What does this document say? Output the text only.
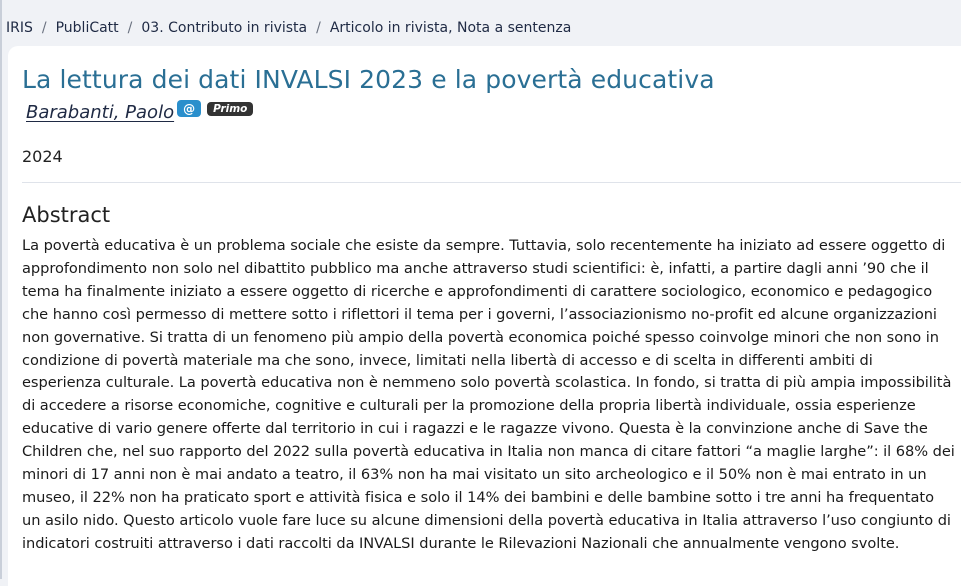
IRIS / PubliCatt / 03. Contributo in rivista / Articolo in rivista, Nota a sentenza
La lettura dei dati INVALSI 2023 e la povertà educativa
Barabanti, Paolo @	Primo
2024
Abstract

La povertà educativa è un problema sociale che esiste da sempre. Tuttavia, solo recentemente ha iniziato ad essere oggetto di approfondimento non solo nel dibattito pubblico ma anche attraverso studi scientifici: è, infatti, a partire dagli anni ’90 che il tema ha finalmente iniziato a essere oggetto di ricerche e approfondimenti di carattere sociologico, economico e pedagogico che hanno così permesso di mettere sotto i riflettori il tema per i governi, l’associazionismo no-profit ed alcune organizzazioni non governative. Si tratta di un fenomeno più ampio della povertà economica poiché spesso coinvolge minori che non sono in condizione di povertà materiale ma che sono, invece, limitati nella libertà di accesso e di scelta in differenti ambiti di esperienza culturale. La povertà educativa non è nemmeno solo povertà scolastica. In fondo, si tratta di più ampia impossibilità di accedere a risorse economiche, cognitive e culturali per la promozione della propria libertà individuale, ossia esperienze educative di vario genere offerte dal territorio in cui i ragazzi e le ragazze vivono. Questa è la convinzione anche di Save the Children che, nel suo rapporto del 2022 sulla povertà educativa in Italia non manca di citare fattori “a maglie larghe”: il 68% dei minori di 17 anni non è mai andato a teatro, il 63% non ha mai visitato un sito archeologico e il 50% non è mai entrato in un museo, il 22% non ha praticato sport e attività fisica e solo il 14% dei bambini e delle bambine sotto i tre anni ha frequentato un asilo nido. Questo articolo vuole fare luce su alcune dimensioni della povertà educativa in Italia attraverso l’uso congiunto di indicatori costruiti attraverso i dati raccolti da INVALSI durante le Rilevazioni Nazionali che annualmente vengono svolte.
